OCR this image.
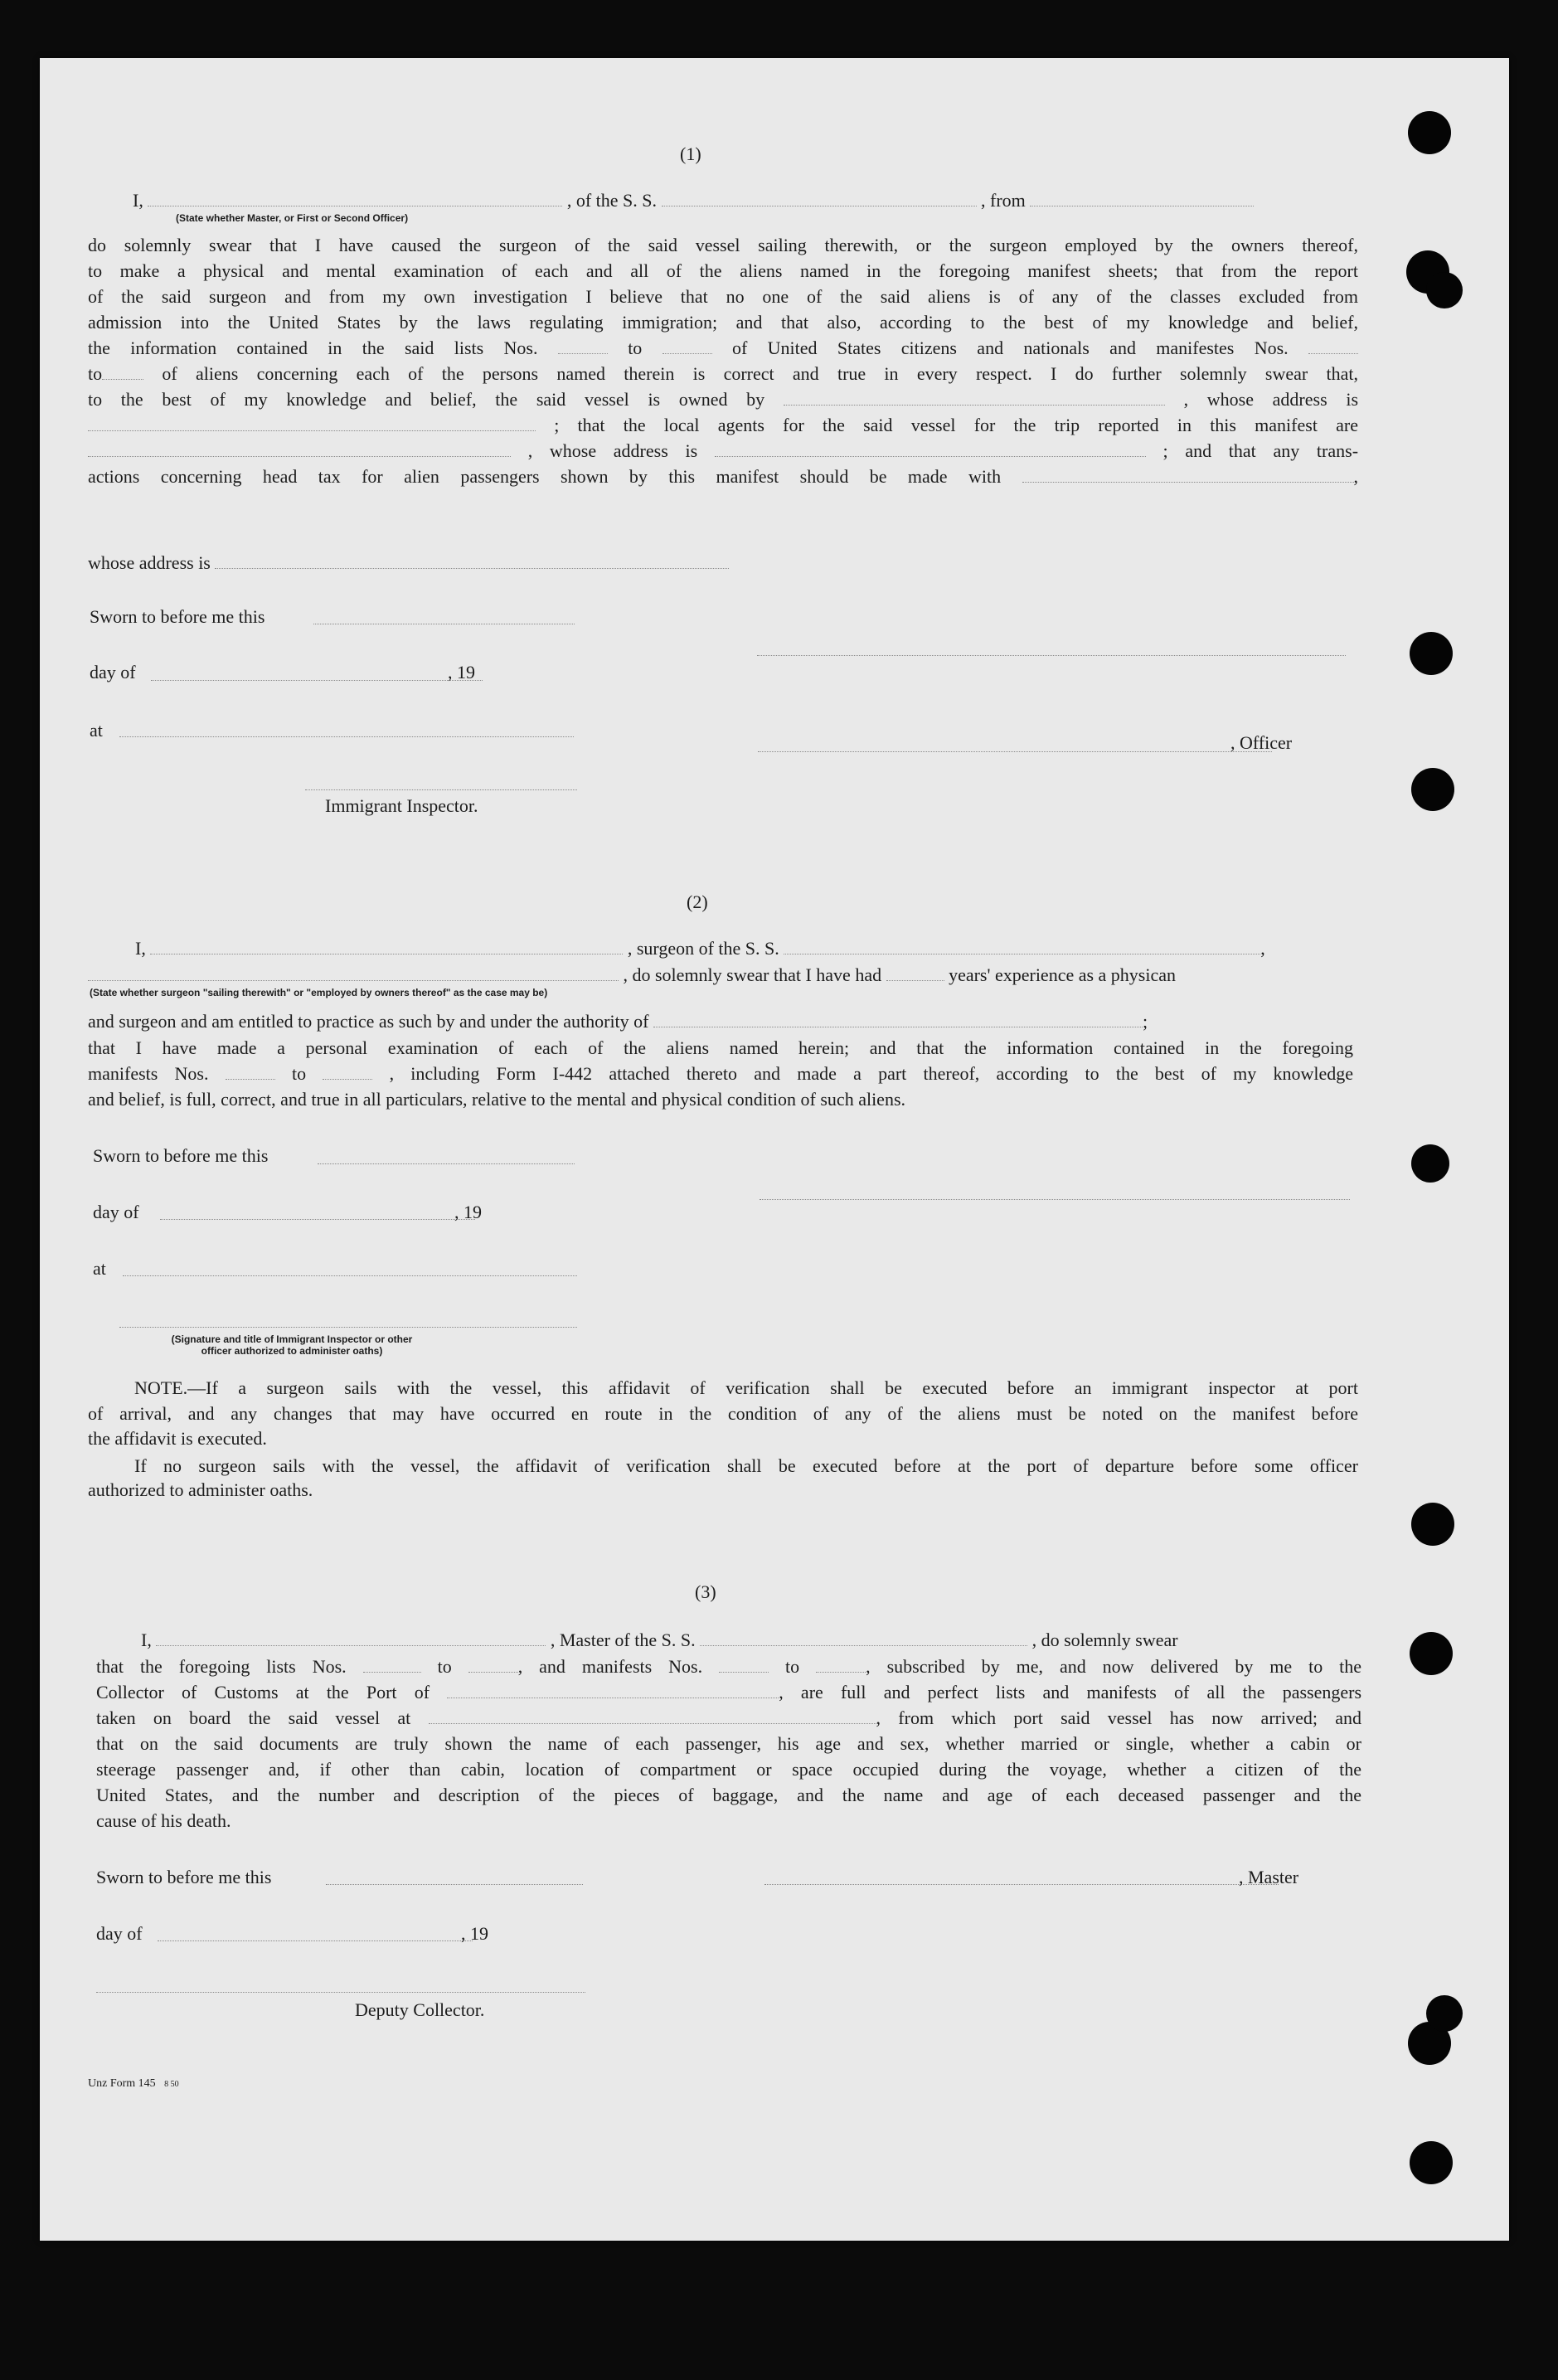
(1)
I,	, of the S. S.	, from
(State whether Master, or First or Second Officer)
do solemnly swear that I have caused the surgeon of the said vessel sailing therewith, or the surgeon employed by the owners thereof,
to make a physical and mental examination of each and all of the aliens named in the foregoing manifest sheets; that from the report
of the said surgeon and from my own investigation I believe that no one of the said aliens is of any of the classes excluded from
admission into the United States by the laws regulating immigration; and that also, according to the best of my knowledge and belief,
the information contained in the said lists Nos.	to	of United States citizens and nationals and manifestes Nos.
to	of aliens concerning each of the persons named therein is correct and true in every respect. I do further solemnly swear that,
to the best of my knowledge and belief, the said vessel is owned by	, whose address is
; that the local agents for the said vessel for the trip reported in this manifest are
, whose address is	; and that any trans-
actions concerning head tax for alien passengers shown by this manifest should be made with	,
whose address is
Sworn to before me this
day of	, 19
at
, Officer
Immigrant Inspector.
(2)
I,	, surgeon of the S. S.	,
, do solemnly swear that I have had	years' experience as a physican
(State whether surgeon "sailing therewith" or "employed by owners thereof" as the case may be)
and surgeon and am entitled to practice as such by and under the authority of	;
that I have made a personal examination of each of the aliens named herein; and that the information contained in the foregoing
manifests Nos.	to	, including Form I-442 attached thereto and made a part thereof, according to the best of my knowledge
and belief, is full, correct, and true in all particulars, relative to the mental and physical condition of such aliens.
Sworn to before me this
day of	, 19
at
(Signature and title of Immigrant Inspector or other
officer authorized to administer oaths)
NOTE.—If a surgeon sails with the vessel, this affidavit of verification shall be executed before an immigrant inspector at port
of arrival, and any changes that may have occurred en route in the condition of any of the aliens must be noted on the manifest before
the affidavit is executed.
If no surgeon sails with the vessel, the affidavit of verification shall be executed before at the port of departure before some officer
authorized to administer oaths.
(3)
I,	, Master of the S. S.	, do solemnly swear
that the foregoing lists Nos.	to	, and manifests Nos.	to	, subscribed by me, and now delivered by me to the
Collector of Customs at the Port of	, are full and perfect lists and manifests of all the passengers
taken on board the said vessel at	, from which port said vessel has now arrived; and
that on the said documents are truly shown the name of each passenger, his age and sex, whether married or single, whether a cabin or
steerage passenger and, if other than cabin, location of compartment or space occupied during the voyage, whether a citizen of the
United States, and the number and description of the pieces of baggage, and the name and age of each deceased passenger and the
cause of his death.
Sworn to before me this	, Master
day of	, 19
Deputy Collector.
Unz Form 145 8 50
